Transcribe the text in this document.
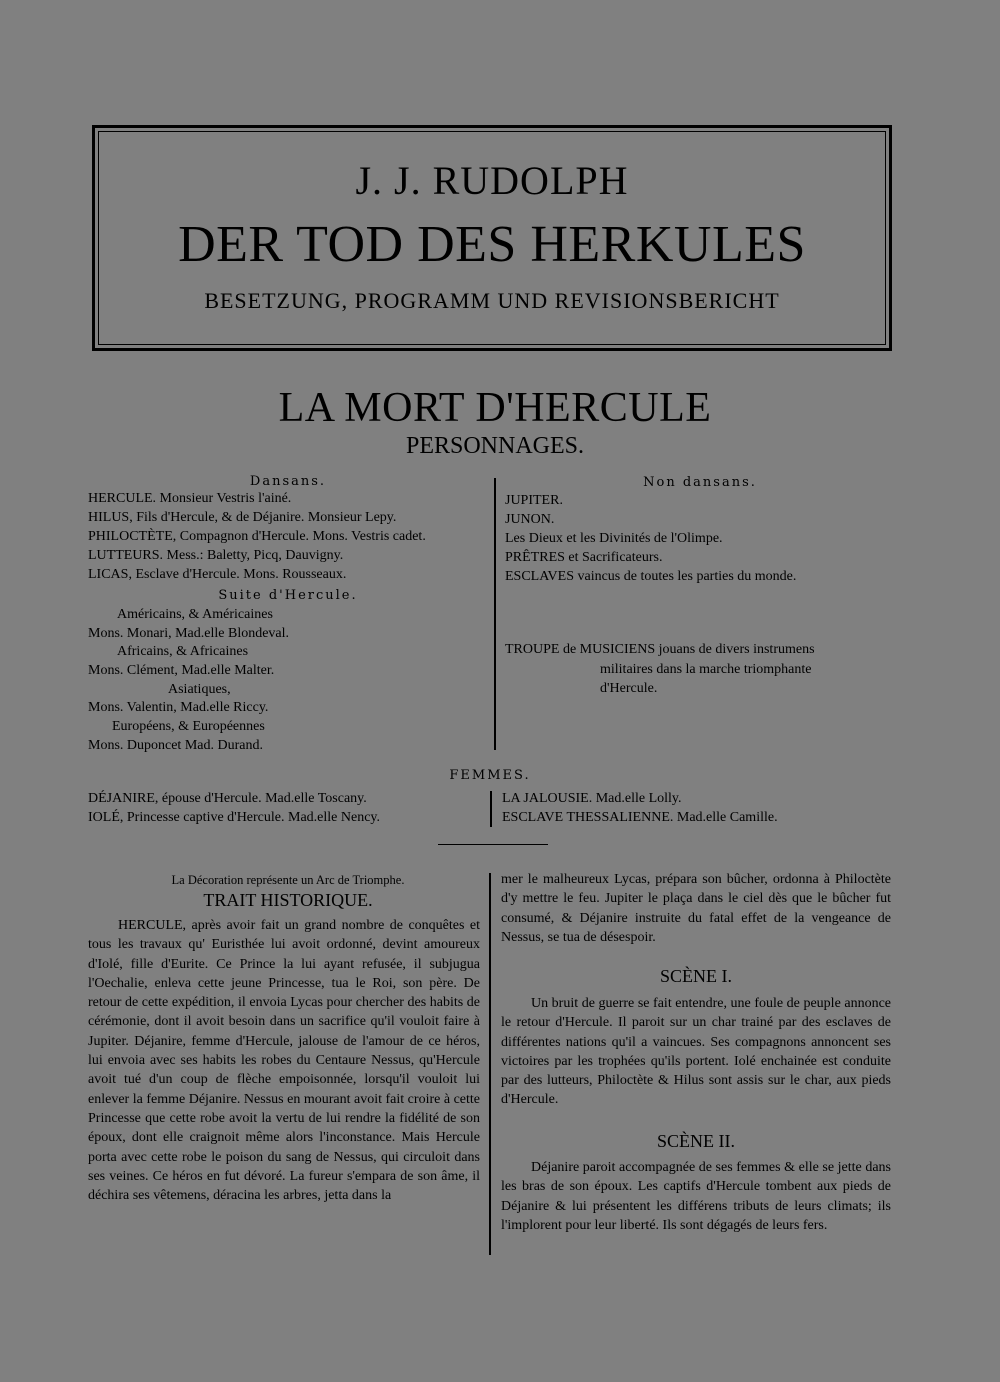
J. J. RUDOLPH
DER TOD DES HERKULES
BESETZUNG, PROGRAMM UND REVISIONSBERICHT
LA MORT D'HERCULE
PERSONNAGES.
Dansans.
HERCULE. Monsieur Vestris l'ainé.
HILUS, Fils d'Hercule, & de Déjanire. Monsieur Lepy.
PHILOCTÈTE, Compagnon d'Hercule. Mons. Vestris cadet.
LUTTEURS. Mess.: Baletty, Picq, Dauvigny.
LICAS, Esclave d'Hercule. Mons. Rousseaux.
Suite d'Hercule.
Américains, & Américaines
Mons. Monari, Mad.elle Blondeval.
Africains, & Africaines
Mons. Clément, Mad.elle Malter.
Asiatiques,
Mons. Valentin, Mad.elle Riccy.
Européens, & Européennes
Mons. Duponcet Mad. Durand.
Non dansans.
JUPITER.
JUNON.
Les Dieux et les Divinités de l'Olimpe.
PRÊTRES et Sacrificateurs.
ESCLAVES vaincus de toutes les parties du monde.
TROUPE de MUSICIENS jouans de divers instrumens
militaires dans la marche triomphante
d'Hercule.
FEMMES.
DÉJANIRE, épouse d'Hercule. Mad.elle Toscany.
IOLÉ, Princesse captive d'Hercule. Mad.elle Nency.
LA JALOUSIE. Mad.elle Lolly.
ESCLAVE THESSALIENNE. Mad.elle Camille.
La Décoration représente un Arc de Triomphe.
TRAIT HISTORIQUE.
HERCULE, après avoir fait un grand nombre de conquêtes et tous les travaux qu' Euristhée lui avoit ordonné, devint amoureux d'Iolé, fille d'Eurite. Ce Prince la lui ayant refusée, il subjugua l'Oechalie, enleva cette jeune Princesse, tua le Roi, son père. De retour de cette expédition, il envoia Lycas pour chercher des habits de cérémonie, dont il avoit besoin dans un sacrifice qu'il vouloit faire à Jupiter. Déjanire, femme d'Hercule, jalouse de l'amour de ce héros, lui envoia avec ses habits les robes du Centaure Nessus, qu'Hercule avoit tué d'un coup de flèche empoisonnée, lorsqu'il vouloit lui enlever la femme Déjanire. Nessus en mourant avoit fait croire à cette Princesse que cette robe avoit la vertu de lui rendre la fidélité de son époux, dont elle craignoit même alors l'inconstance. Mais Hercule porta avec cette robe le poison du sang de Nessus, qui circuloit dans ses veines. Ce héros en fut dévoré. La fureur s'empara de son âme, il déchira ses vêtemens, déracina les arbres, jetta dans la
mer le malheureux Lycas, prépara son bûcher, ordonna à Philoctète d'y mettre le feu. Jupiter le plaça dans le ciel dès que le bûcher fut consumé, & Déjanire instruite du fatal effet de la vengeance de Nessus, se tua de désespoir.
SCÈNE I.
Un bruit de guerre se fait entendre, une foule de peuple annonce le retour d'Hercule. Il paroit sur un char trainé par des esclaves de différentes nations qu'il a vaincues. Ses compagnons annoncent ses victoires par les trophées qu'ils portent. Iolé enchainée est conduite par des lutteurs, Philoctète & Hilus sont assis sur le char, aux pieds d'Hercule.
SCÈNE II.
Déjanire paroit accompagnée de ses femmes & elle se jette dans les bras de son époux. Les captifs d'Hercule tombent aux pieds de Déjanire & lui présentent les différens tributs de leurs climats; ils l'implorent pour leur liberté. Ils sont dégagés de leurs fers.
